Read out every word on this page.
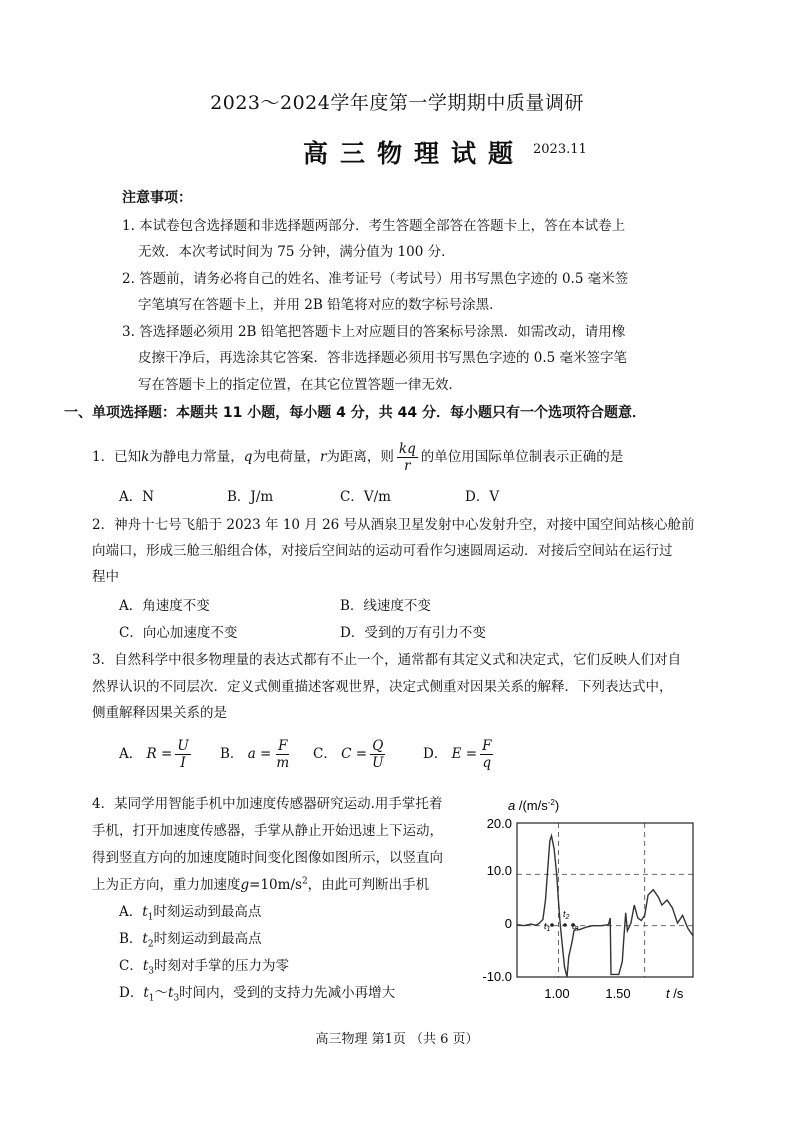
2023～2024学年度第一学期期中质量调研
高三物理试题 2023.11
注意事项：
1. 本试卷包含选择题和非选择题两部分．考生答题全部答在答题卡上，答在本试卷上
无效．本次考试时间为 75 分钟，满分值为 100 分．
2. 答题前，请务必将自己的姓名、准考证号（考试号）用书写黑色字迹的 0.5 毫米签
字笔填写在答题卡上，并用 2B 铅笔将对应的数字标号涂黑．
3. 答选择题必须用 2B 铅笔把答题卡上对应题目的答案标号涂黑．如需改动，请用橡
皮擦干净后，再选涂其它答案．答非选择题必须用书写黑色字迹的 0.5 毫米签字笔
写在答题卡上的指定位置，在其它位置答题一律无效．
一、单项选择题：本题共 11 小题，每小题 4 分，共 44 分．每小题只有一个选项符合题意．
1．已知k为静电力常量，q为电荷量，r为距离，则 $\frac{kq}{r}$ 的单位用国际单位制表示正确的是
A．N	B．J/m	C．V/m	D．V
2．神舟十七号飞船于 2023 年 10 月 26 号从酒泉卫星发射中心发射升空，对接中国空间站核心舱前
向端口，形成三舱三船组合体，对接后空间站的运动可看作匀速圆周运动．对接后空间站在运行过
程中
A．角速度不变	B．线速度不变
C．向心加速度不变	D．受到的万有引力不变
3．自然科学中很多物理量的表达式都有不止一个，通常都有其定义式和决定式，它们反映人们对自
然界认识的不同层次．定义式侧重描述客观世界，决定式侧重对因果关系的解释．下列表达式中，
侧重解释因果关系的是
A． $R = \frac{U}{I}$ B． $a = \frac{F}{m}$ C． $C = \frac{Q}{U}$	D． $E = \frac{F}{q}$
4．某同学用智能手机中加速度传感器研究运动.用手掌托着
手机，打开加速度传感器，手掌从静止开始迅速上下运动，
得到竖直方向的加速度随时间变化图像如图所示，以竖直向
上为正方向，重力加速度$g=10m/s^2$，由此可判断出手机
A．$t_1$时刻运动到最高点
B．$t_2$时刻运动到最高点
C．$t_3$时刻对手掌的压力为零
D．$t_1\sim t_3$时间内，受到的支持力先减小再增大
a $/(m/s^{-2})$
20.0
10.0
0
-10.0
1.00	1.50	t /s
$t_1$
$t_2$
$_3$
高三物理 第1页 （共 6 页）
